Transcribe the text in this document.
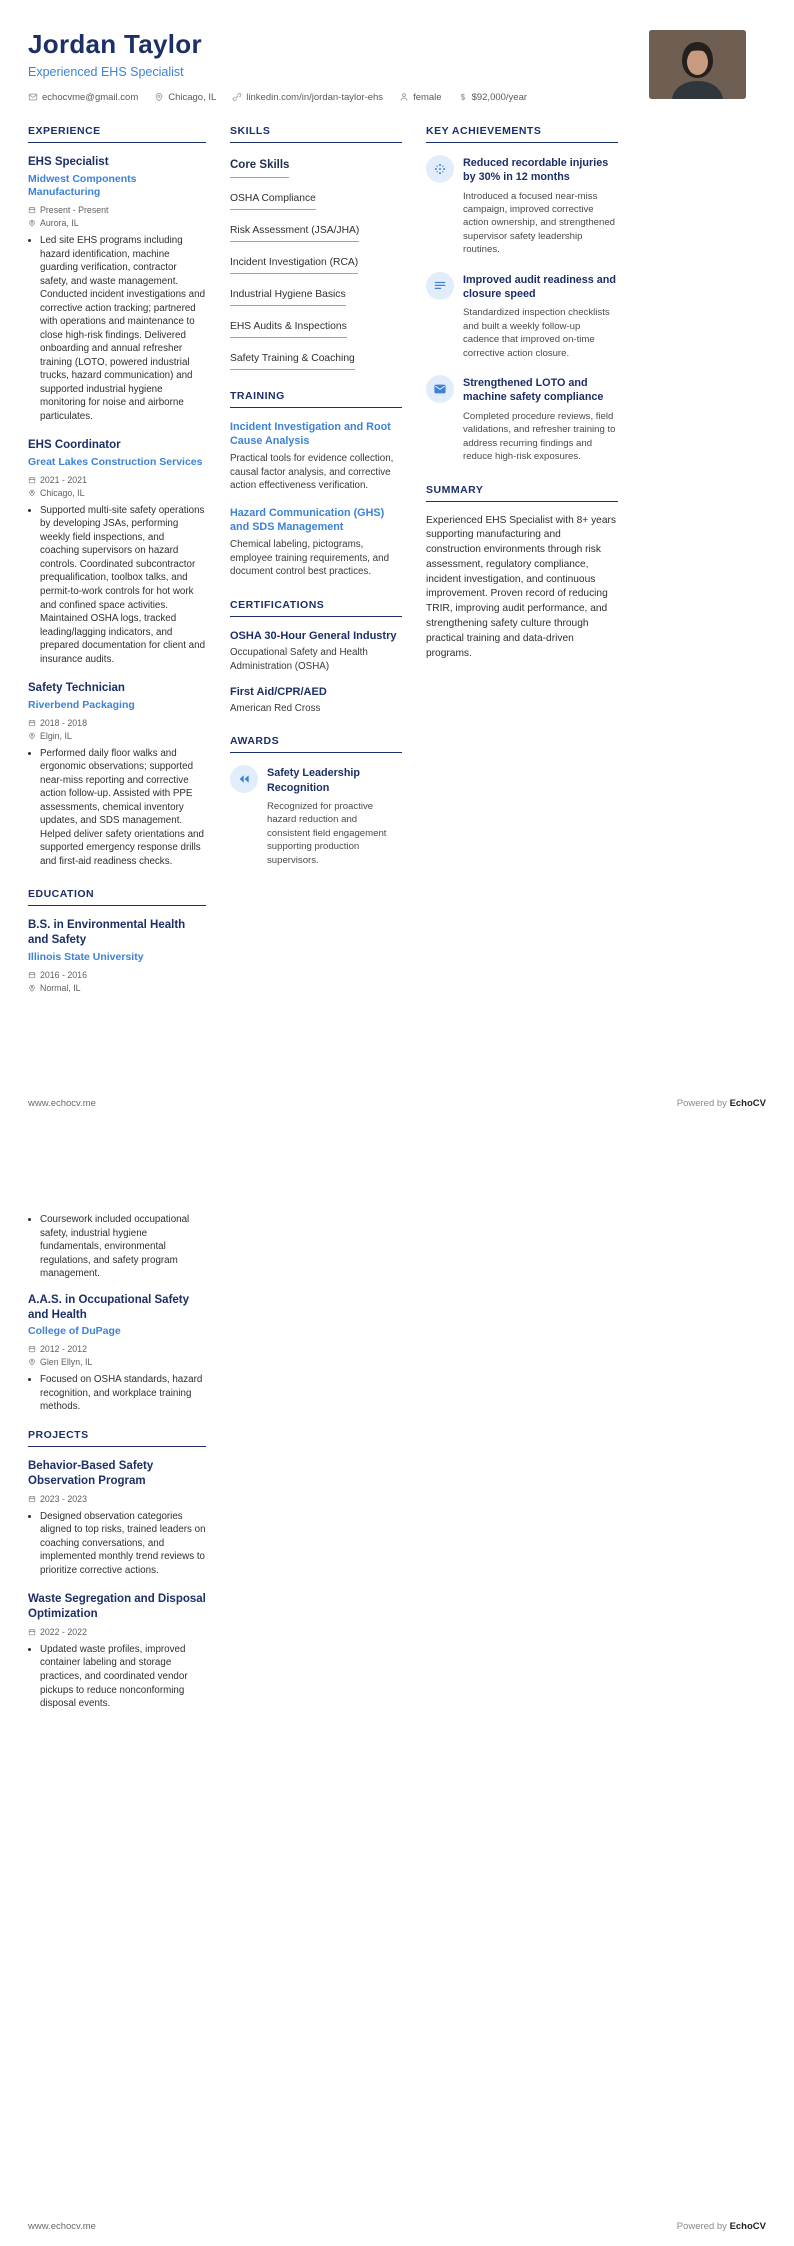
Jordan Taylor
Experienced EHS Specialist
echocvme@gmail.com	Chicago, IL	linkedin.com/in/jordan-taylor-ehs	female	$92,000/year
EXPERIENCE
EHS Specialist
Midwest Components Manufacturing
Present - Present
Aurora, IL
• Led site EHS programs including hazard identification, machine guarding verification, contractor safety, and waste management. Conducted incident investigations and corrective action tracking; partnered with operations and maintenance to close high-risk findings. Delivered onboarding and annual refresher training (LOTO, powered industrial trucks, hazard communication) and supported industrial hygiene monitoring for noise and airborne particulates.
EHS Coordinator
Great Lakes Construction Services
2021 - 2021
Chicago, IL
• Supported multi-site safety operations by developing JSAs, performing weekly field inspections, and coaching supervisors on hazard controls. Coordinated subcontractor prequalification, toolbox talks, and permit-to-work controls for hot work and confined space activities. Maintained OSHA logs, tracked leading/lagging indicators, and prepared documentation for client and insurance audits.
Safety Technician
Riverbend Packaging
2018 - 2018
Elgin, IL
• Performed daily floor walks and ergonomic observations; supported near-miss reporting and corrective action follow-up. Assisted with PPE assessments, chemical inventory updates, and SDS management. Helped deliver safety orientations and supported emergency response drills and first-aid readiness checks.
EDUCATION
B.S. in Environmental Health and Safety
Illinois State University
2016 - 2016
Normal, IL
SKILLS
Core Skills
OSHA Compliance
Risk Assessment (JSA/JHA)
Incident Investigation (RCA)
Industrial Hygiene Basics
EHS Audits & Inspections
Safety Training & Coaching
TRAINING
Incident Investigation and Root Cause Analysis
Practical tools for evidence collection, causal factor analysis, and corrective action effectiveness verification.
Hazard Communication (GHS) and SDS Management
Chemical labeling, pictograms, employee training requirements, and document control best practices.
CERTIFICATIONS
OSHA 30-Hour General Industry
Occupational Safety and Health Administration (OSHA)
First Aid/CPR/AED
American Red Cross
AWARDS
Safety Leadership Recognition
Recognized for proactive hazard reduction and consistent field engagement supporting production supervisors.
KEY ACHIEVEMENTS
Reduced recordable injuries by 30% in 12 months
Introduced a focused near-miss campaign, improved corrective action ownership, and strengthened supervisor safety leadership routines.
Improved audit readiness and closure speed
Standardized inspection checklists and built a weekly follow-up cadence that improved on-time corrective action closure.
Strengthened LOTO and machine safety compliance
Completed procedure reviews, field validations, and refresher training to address recurring findings and reduce high-risk exposures.
SUMMARY

Experienced EHS Specialist with 8+ years supporting manufacturing and construction environments through risk assessment, regulatory compliance, incident investigation, and continuous improvement. Proven record of reducing TRIR, improving audit performance, and strengthening safety culture through practical training and data-driven programs.

www.echocv.me	Powered by EchoCV
• Coursework included occupational safety, industrial hygiene fundamentals, environmental regulations, and safety program management.
A.A.S. in Occupational Safety and Health
College of DuPage
2012 - 2012
Glen Ellyn, IL
• Focused on OSHA standards, hazard recognition, and workplace training methods.
PROJECTS
Behavior-Based Safety Observation Program
2023 - 2023
• Designed observation categories aligned to top risks, trained leaders on coaching conversations, and implemented monthly trend reviews to prioritize corrective actions.
Waste Segregation and Disposal Optimization
2022 - 2022
• Updated waste profiles, improved container labeling and storage practices, and coordinated vendor pickups to reduce nonconforming disposal events.
www.echocv.me	Powered by EchoCV
